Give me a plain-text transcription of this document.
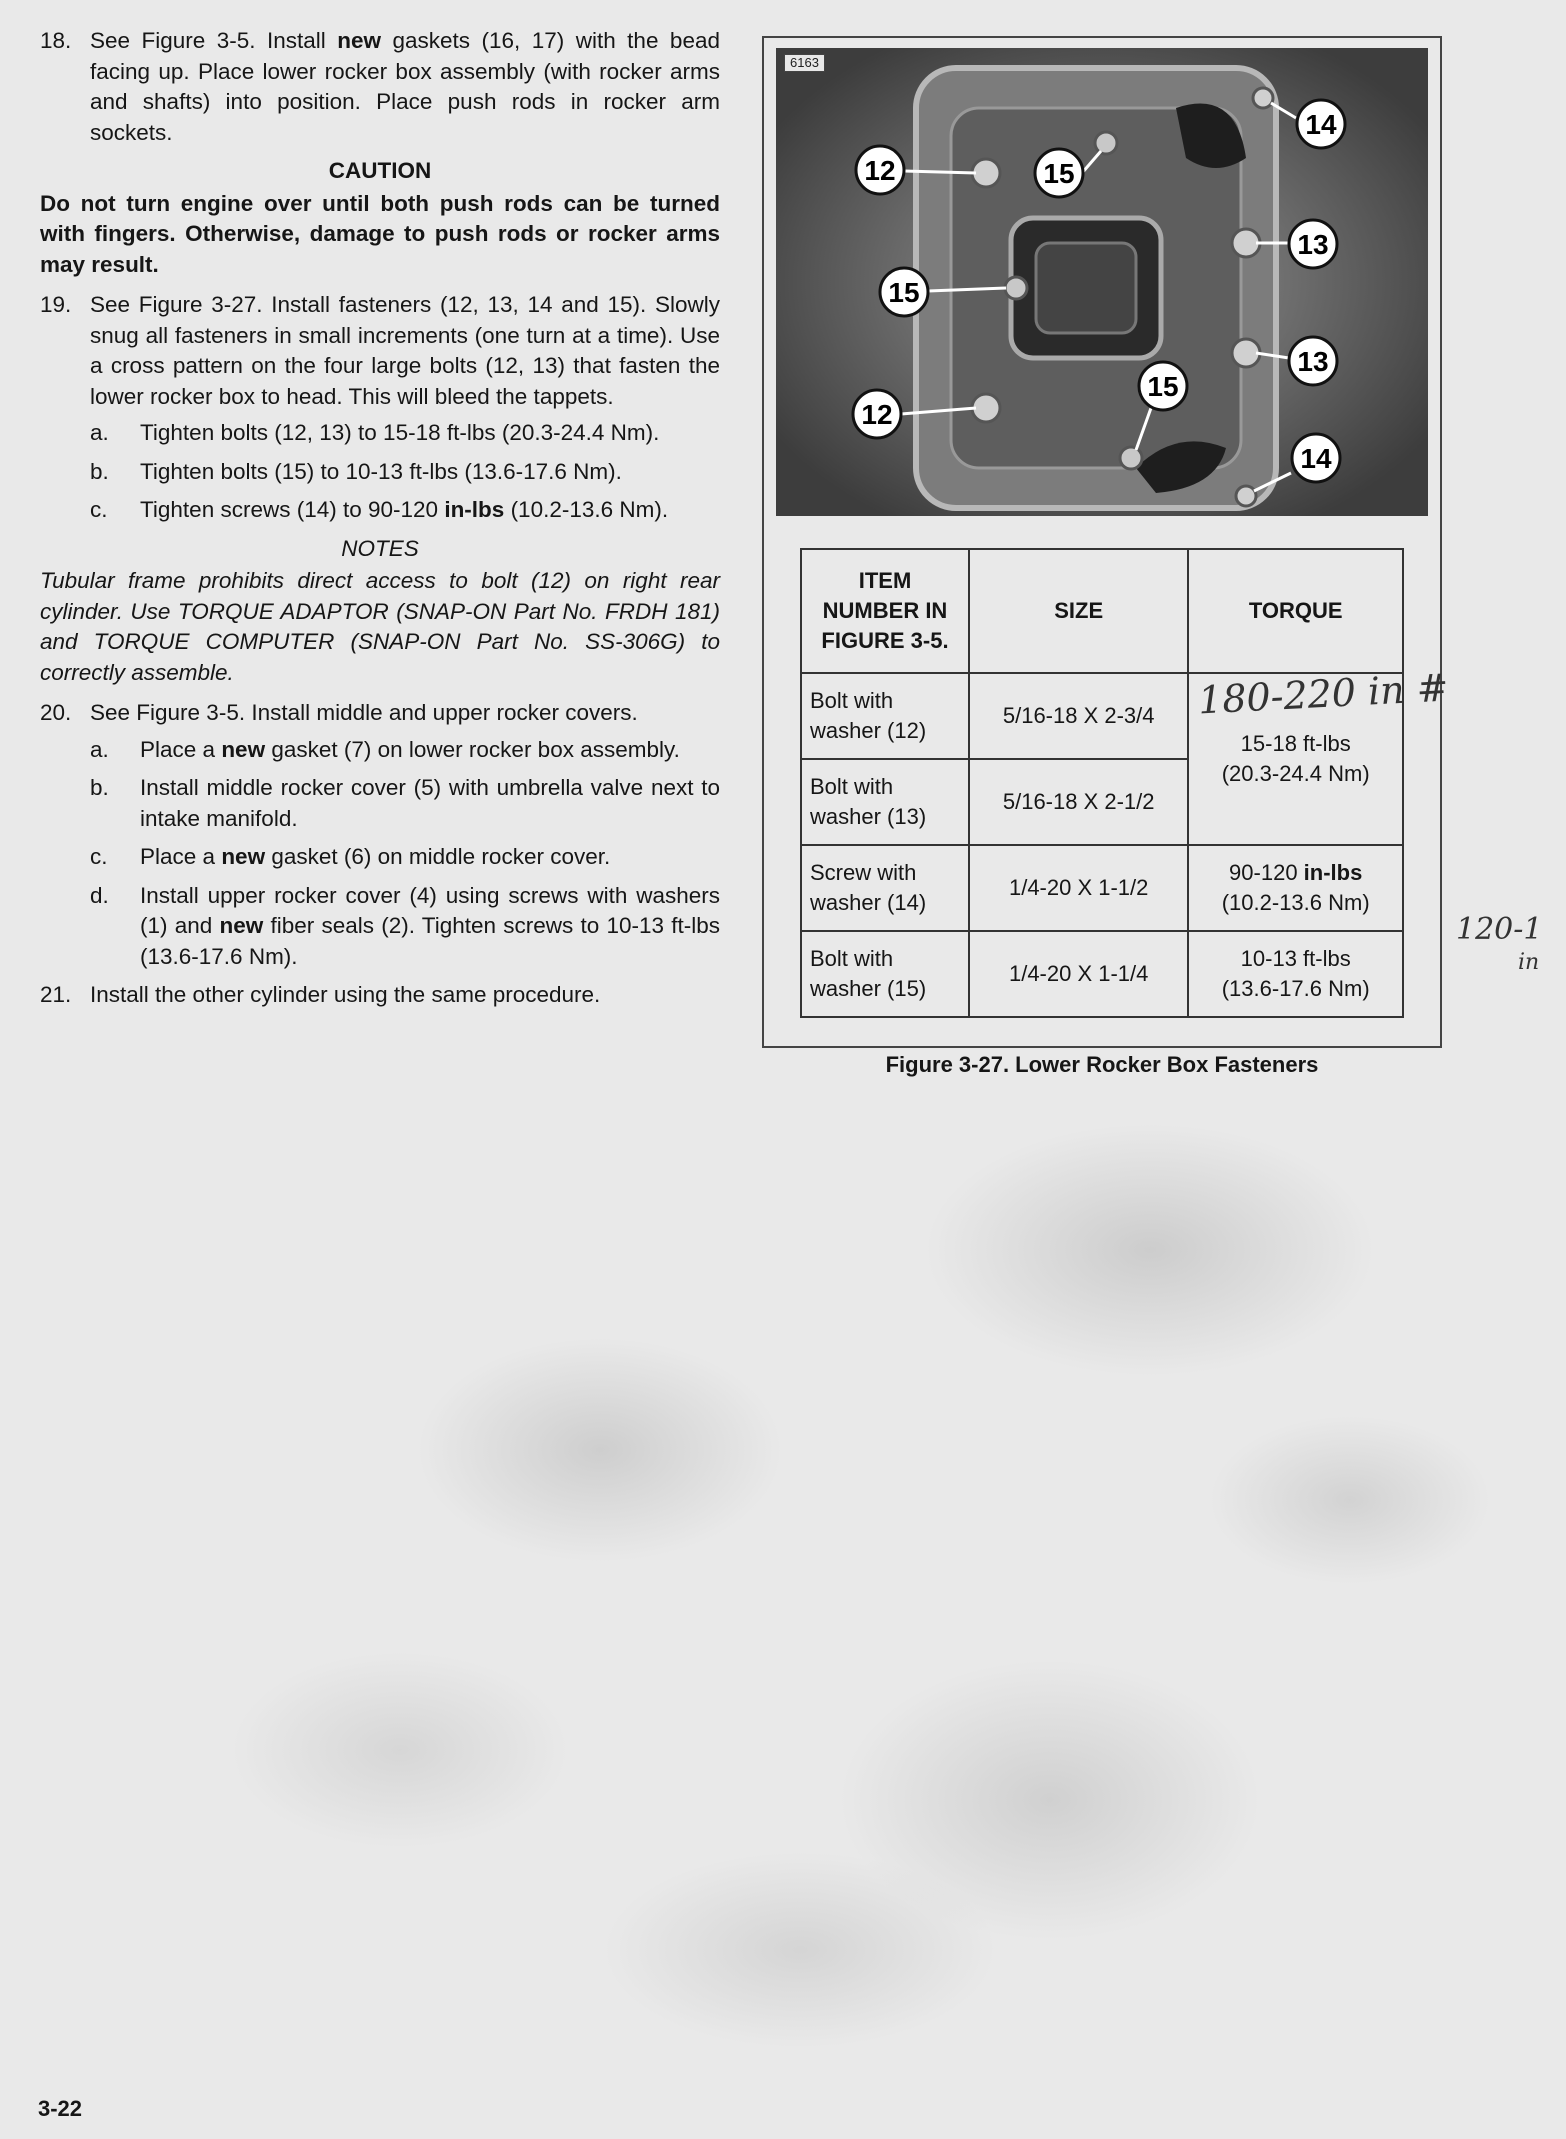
18. See Figure 3-5. Install new gaskets (16, 17) with the bead facing up. Place lower rocker box assembly (with rocker arms and shafts) into position. Place push rods in rocker arm sockets.
CAUTION
Do not turn engine over until both push rods can be turned with fingers. Otherwise, damage to push rods or rocker arms may result.
19. See Figure 3-27. Install fasteners (12, 13, 14 and 15). Slowly snug all fasteners in small increments (one turn at a time). Use a cross pattern on the four large bolts (12, 13) that fasten the lower rocker box to head. This will bleed the tappets.
a. Tighten bolts (12, 13) to 15-18 ft-lbs (20.3-24.4 Nm).
b. Tighten bolts (15) to 10-13 ft-lbs (13.6-17.6 Nm).
c. Tighten screws (14) to 90-120 in-lbs (10.2-13.6 Nm).
NOTES
Tubular frame prohibits direct access to bolt (12) on right rear cylinder. Use TORQUE ADAPTOR (SNAP-ON Part No. FRDH 181) and TORQUE COMPUTER (SNAP-ON Part No. SS-306G) to correctly assemble.
20. See Figure 3-5. Install middle and upper rocker covers.
a. Place a new gasket (7) on lower rocker box assembly.
b. Install middle rocker cover (5) with umbrella valve next to intake manifold.
c. Place a new gasket (6) on middle rocker cover.
d. Install upper rocker cover (4) using screws with washers (1) and new fiber seals (2). Tighten screws to 10-13 ft-lbs (13.6-17.6 Nm).
21. Install the other cylinder using the same procedure.
12
12
15
15
15
14
14
13
13
6163
ITEM NUMBER IN FIGURE 3-5.	SIZE	TORQUE
Bolt with washer (12)	5/16-18 X 2-3/4	15-18 ft-lbs
(20.3-24.4 Nm)

Bolt with washer (13)	5/16-18 X 2-1/2	
Screw with washer (14)	1/4-20 X 1-1/2	90-120 in-lbs
(10.2-13.6 Nm)

Bolt with washer (15)	1/4-20 X 1-1/4	10-13 ft-lbs
(13.6-17.6 Nm)
Figure 3-27. Lower Rocker Box Fasteners
180-220 in #
120-1
in
3-22
